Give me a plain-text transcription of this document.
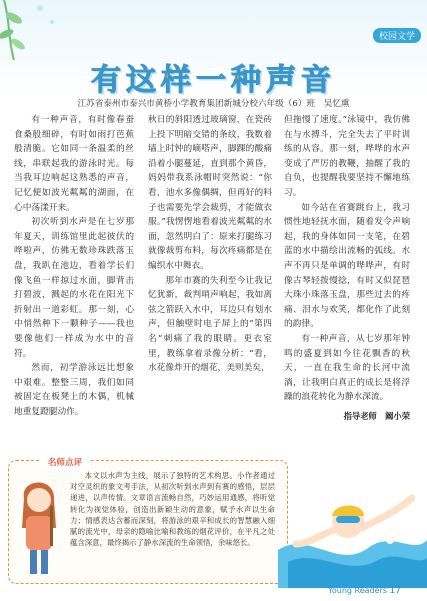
校园文学
有这样一种声音
江苏省泰州市泰兴市黄桥小学教育集团新城分校六年级（6）班　吴忆熏

有一种声音，有时像春蚕食桑般细碎，有时如雨打芭蕉般清脆。它如同一条温柔的丝线，串联起我的游泳时光。每当我耳边响起这熟悉的声音，记忆便如波光粼粼的湖面，在心中荡漾开来。

初次听到水声是在七岁那年夏天，训练馆里此起彼伏的哗啦声，仿佛无数珍珠跌落玉盘，我趴在池边，看着学长们像飞鱼一样掠过水面，脚背击打碧波，溅起的水花在阳光下折射出一道彩虹。那一刻，心中悄然种下一颗种子——我也要像他们一样成为水中的音符。

然而，初学游泳远比想象中艰难。整整三周，我们如同被固定在板凳上的木偶，机械地重复蹬腿动作。

秋日的斜阳透过玻璃窗，在瓷砖上投下明暗交错的条纹，我数着墙上时钟的嘀嗒声，脚踝的酸痛沿着小腿蔓延，直到那个黄昏，妈妈带我系泳帽时突然说：“你看，池水多像偶绸，但再好的料子也需要先学会裁剪，才能做衣服。”我愣愣地看着波光粼粼的水面，忽然明白了：原来打腿练习就像裁剪布料，每次疼痛都是在编织水中舞衣。

那年市赛的失利至今让我记忆犹新，裁判哨声响起，我如离弦之箭跃入水中，耳边只有划水声，但触壁时电子屏上的“第四名”刺痛了我的眼睛。更衣室里，教练拿着录像分析：“看，水花像炸开的烟花，美则美矣，

但拖慢了速度。”泳镜中，我仿佛在与水搏斗，完全失去了平时训练的从容。那一刻，哗哗的水声变成了严厉的教鞭，抽醒了我的自负，也提醒我要坚持不懈地练习。

如今站在省赛跳台上，我习惯性地轻抚水面，随着发令声响起，我的身体如同一支笔，在碧蓝的水中描绘出流畅的弧线。水声不再只是单调的哗哗声，有时像古琴轻拨慢捻，有时又似琵琶大珠小珠落玉盘，那些过去的疼痛、泪水与欢笑，都化作了此刻的韵律。

有一种声音，从七岁那年钟鸣的盛夏到如今往花飘香的秋天，一直在我生命的长河中流淌，让我明白真正的成长是将浮躁的浪花转化为静水深流。

指导老师　阚小荣

名师点评
本文以水声为主线，展示了独特的艺术构思。小作者通过对空灵织的象文考手法，从初次听到水声到有赛的感悟，层层递进，以声传情。文章语言流畅自然，巧妙运用通感，将听觉转化为视觉体验，创造出新颖生动的意象，赋予水声以生命力；情感表达含蓄而深刻，将游泳的艰辛和成长的智慧融入细腻的流光中，母亲的隐喻比喻和教练的烟花评价，在平凡之处蕴含深意，最终揭示了静水深流的生命领悟，余味悠长。
Young Readers 17
